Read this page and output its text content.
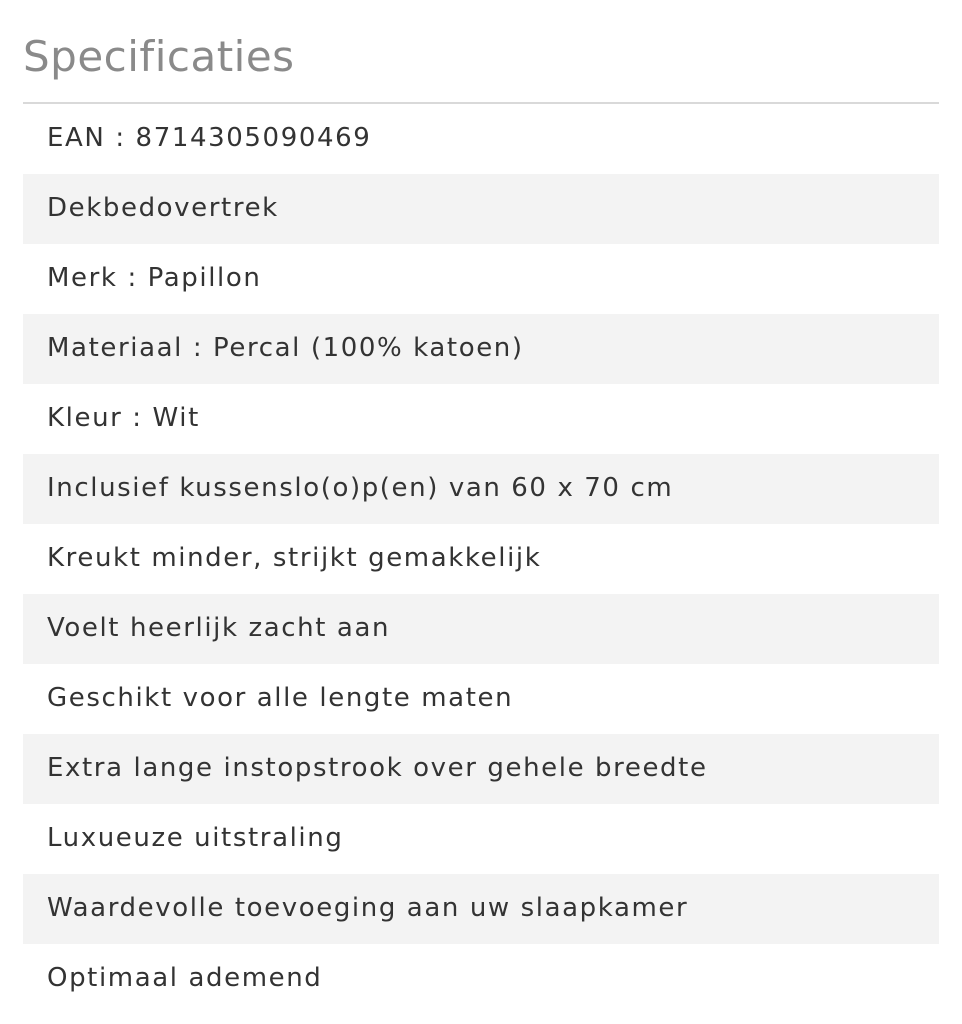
Specificaties
EAN : 8714305090469
Dekbedovertrek
Merk : Papillon
Materiaal : Percal (100% katoen)
Kleur : Wit
Inclusief kussenslo(o)p(en) van 60 x 70 cm
Kreukt minder, strijkt gemakkelijk
Voelt heerlijk zacht aan
Geschikt voor alle lengte maten
Extra lange instopstrook over gehele breedte
Luxueuze uitstraling
Waardevolle toevoeging aan uw slaapkamer
Optimaal ademend
